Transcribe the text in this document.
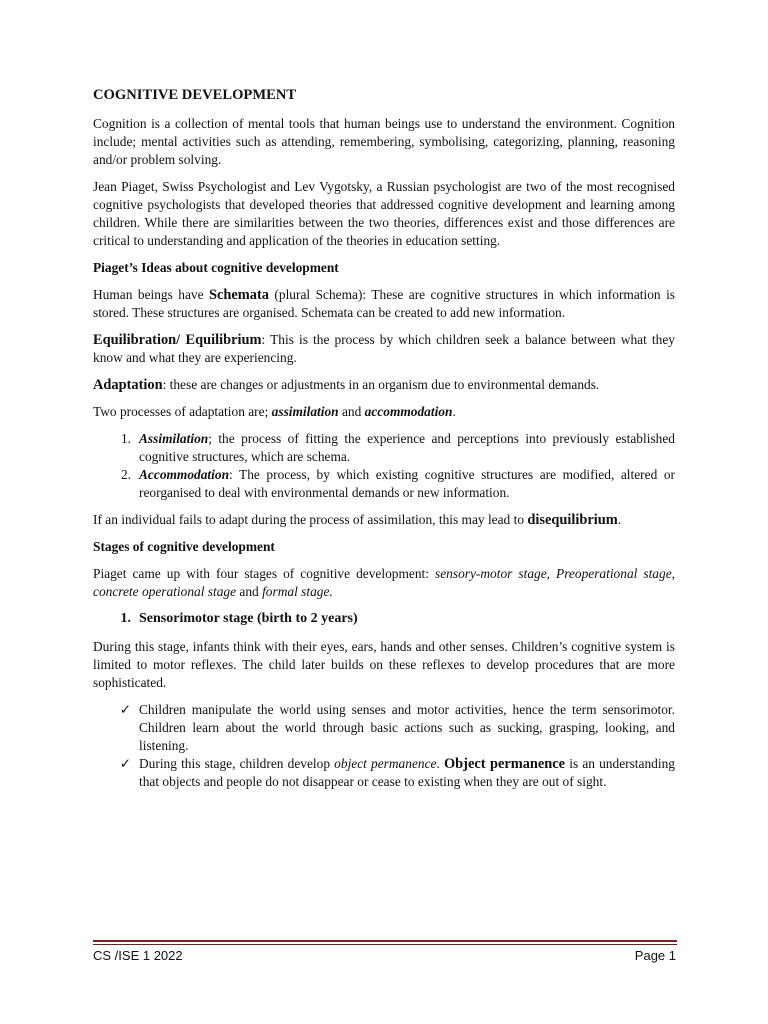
COGNITIVE DEVELOPMENT

Cognition is a collection of mental tools that human beings use to understand the environment. Cognition include; mental activities such as attending, remembering, symbolising, categorizing, planning, reasoning and/or problem solving.

Jean Piaget, Swiss Psychologist and Lev Vygotsky, a Russian psychologist are two of the most recognised cognitive psychologists that developed theories that addressed cognitive development and learning among children. While there are similarities between the two theories, differences exist and those differences are critical to understanding and application of the theories in education setting.

Piaget’s Ideas about cognitive development

Human beings have Schemata (plural Schema): These are cognitive structures in which information is stored. These structures are organised. Schemata can be created to add new information.

Equilibration/ Equilibrium: This is the process by which children seek a balance between what they know and what they are experiencing.

Adaptation: these are changes or adjustments in an organism due to environmental demands.

Two processes of adaptation are; assimilation and accommodation.

1. Assimilation; the process of fitting the experience and perceptions into previously established cognitive structures, which are schema.
2. Accommodation: The process, by which existing cognitive structures are modified, altered or reorganised to deal with environmental demands or new information.

If an individual fails to adapt during the process of assimilation, this may lead to disequilibrium.

Stages of cognitive development

Piaget came up with four stages of cognitive development: sensory-motor stage, Preoperational stage, concrete operational stage and formal stage.

1. Sensorimotor stage (birth to 2 years)

During this stage, infants think with their eyes, ears, hands and other senses. Children’s cognitive system is limited to motor reflexes. The child later builds on these reflexes to develop procedures that are more sophisticated.

✓ Children manipulate the world using senses and motor activities, hence the term sensorimotor. Children learn about the world through basic actions such as sucking, grasping, looking, and listening.
✓ During this stage, children develop object permanence. Object permanence is an understanding that objects and people do not disappear or cease to existing when they are out of sight.
CS /ISE 1 2022	Page 1
